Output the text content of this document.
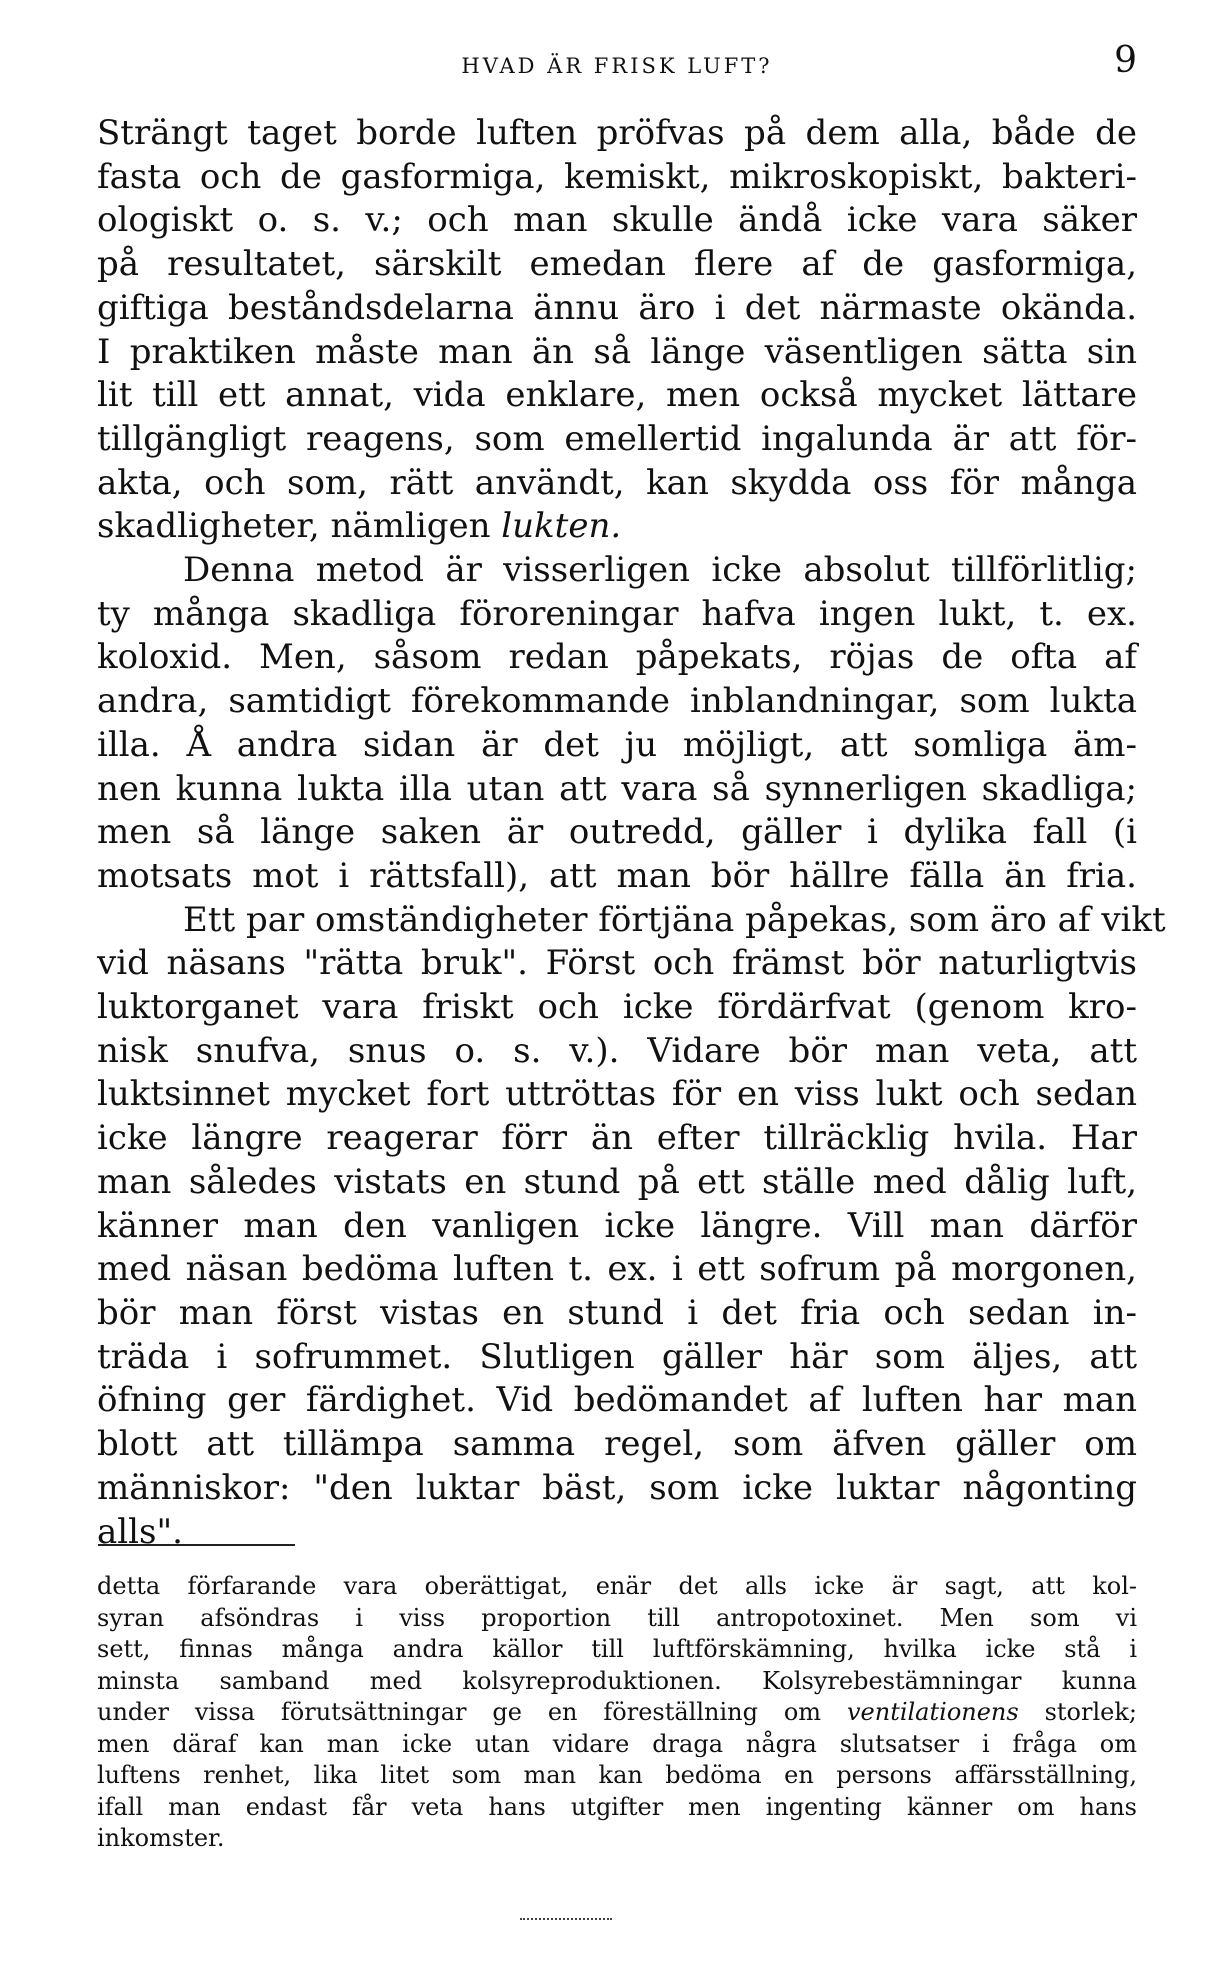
HVAD ÄR FRISK LUFT?	9
Strängt taget borde luften pröfvas på dem alla, både de
fasta och de gasformiga, kemiskt, mikroskopiskt, bakteri-
ologiskt o. s. v.; och man skulle ändå icke vara säker
på resultatet, särskilt emedan flere af de gasformiga,
giftiga beståndsdelarna ännu äro i det närmaste okända.
I praktiken måste man än så länge väsentligen sätta sin
lit till ett annat, vida enklare, men också mycket lättare
tillgängligt reagens, som emellertid ingalunda är att för-
akta, och som, rätt användt, kan skydda oss för många
skadligheter, nämligen lukten.
Denna metod är visserligen icke absolut tillförlitlig;
ty många skadliga föroreningar hafva ingen lukt, t. ex.
koloxid. Men, såsom redan påpekats, röjas de ofta af
andra, samtidigt förekommande inblandningar, som lukta
illa. Å andra sidan är det ju möjligt, att somliga äm-
nen kunna lukta illa utan att vara så synnerligen skadliga;
men så länge saken är outredd, gäller i dylika fall (i
motsats mot i rättsfall), att man bör hällre fälla än fria.
Ett par omständigheter förtjäna påpekas, som äro af vikt
vid näsans "rätta bruk". Först och främst bör naturligtvis
luktorganet vara friskt och icke fördärfvat (genom kro-
nisk snufva, snus o. s. v.). Vidare bör man veta, att
luktsinnet mycket fort uttröttas för en viss lukt och sedan
icke längre reagerar förr än efter tillräcklig hvila. Har
man således vistats en stund på ett ställe med dålig luft,
känner man den vanligen icke längre. Vill man därför
med näsan bedöma luften t. ex. i ett sofrum på morgonen,
bör man först vistas en stund i det fria och sedan in-
träda i sofrummet. Slutligen gäller här som äljes, att
öfning ger färdighet. Vid bedömandet af luften har man
blott att tillämpa samma regel, som äfven gäller om
människor: "den luktar bäst, som icke luktar någonting
alls".
detta förfarande vara oberättigat, enär det alls icke är sagt, att kol-
syran afsöndras i viss proportion till antropotoxinet. Men som vi
sett, finnas många andra källor till luftförskämning, hvilka icke stå i
minsta samband med kolsyreproduktionen. Kolsyrebestämningar kunna
under vissa förutsättningar ge en föreställning om ventilationens storlek;
men däraf kan man icke utan vidare draga några slutsatser i fråga om
luftens renhet, lika litet som man kan bedöma en persons affärsställning,
ifall man endast får veta hans utgifter men ingenting känner om hans
inkomster.
